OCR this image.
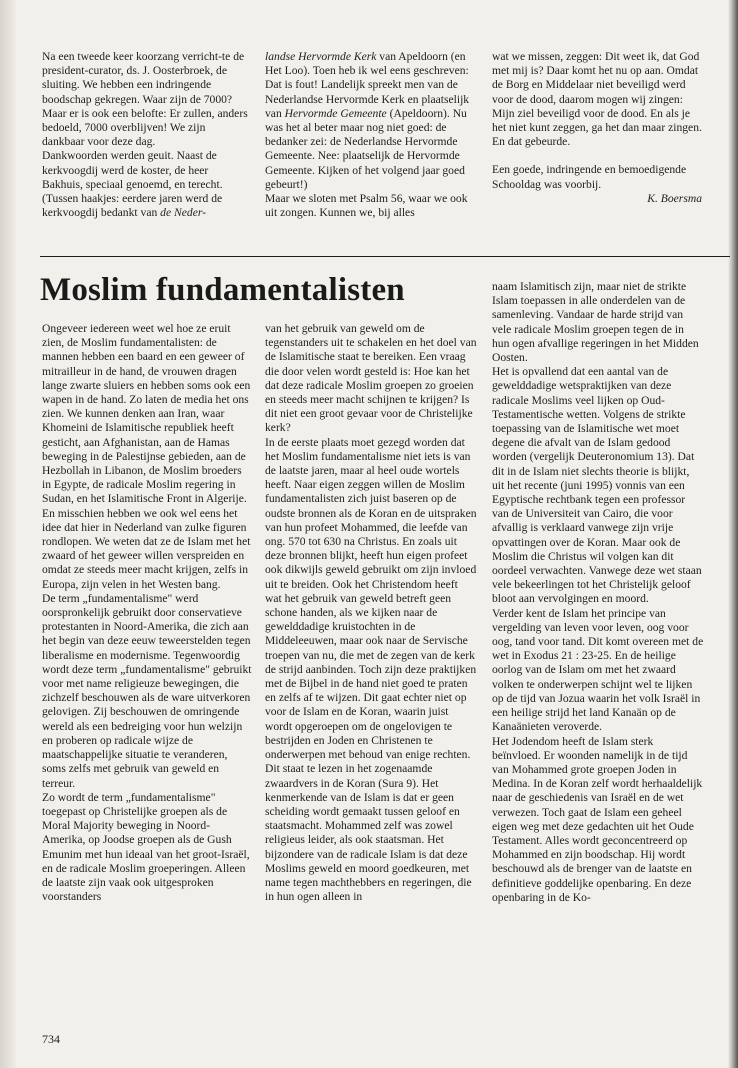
Na een tweede keer koorzang verricht-te de president-curator, ds. J. Oosterbroek, de sluiting. We hebben een indringende boodschap gekregen. Waar zijn de 7000? Maar er is ook een belofte: Er zullen, anders bedoeld, 7000 overblijven! We zijn dankbaar voor deze dag.

Dankwoorden werden geuit. Naast de kerkvoogdij werd de koster, de heer Bakhuis, speciaal genoemd, en terecht. (Tussen haakjes: eerdere jaren werd de kerkvoogdij bedankt van de Neder-

landse Hervormde Kerk van Apeldoorn (en Het Loo). Toen heb ik wel eens geschreven: Dat is fout! Landelijk spreekt men van de Nederlandse Hervormde Kerk en plaatselijk van Hervormde Gemeente (Apeldoorn). Nu was het al beter maar nog niet goed: de bedanker zei: de Nederlandse Hervormde Gemeente. Nee: plaatselijk de Hervormde Gemeente. Kijken of het volgend jaar goed gebeurt!)

Maar we sloten met Psalm 56, waar we ook uit zongen. Kunnen we, bij alles

wat we missen, zeggen: Dit weet ik, dat God met mij is? Daar komt het nu op aan. Omdat de Borg en Middelaar niet beveiligd werd voor de dood, daarom mogen wij zingen: Mijn ziel beveiligd voor de dood. En als je het niet kunt zeggen, ga het dan maar zingen. En dat gebeurde.

Een goede, indringende en bemoedigende Schooldag was voorbij.

K. Boersma

Moslim fundamentalisten

Ongeveer iedereen weet wel hoe ze eruit zien, de Moslim fundamentalisten: de mannen hebben een baard en een geweer of mitrailleur in de hand, de vrouwen dragen lange zwarte sluiers en hebben soms ook een wapen in de hand. Zo laten de media het ons zien. We kunnen denken aan Iran, waar Khomeini de Islamitische republiek heeft gesticht, aan Afghanistan, aan de Hamas beweging in de Palestijnse gebieden, aan de Hezbollah in Libanon, de Moslim broeders in Egypte, de radicale Moslim regering in Sudan, en het Islamitische Front in Algerije. En misschien hebben we ook wel eens het idee dat hier in Nederland van zulke figuren rondlopen. We weten dat ze de Islam met het zwaard of het geweer willen verspreiden en omdat ze steeds meer macht krijgen, zelfs in Europa, zijn velen in het Westen bang.

De term „fundamentalisme" werd oorspronkelijk gebruikt door conservatieve protestanten in Noord-Amerika, die zich aan het begin van deze eeuw teweerstelden tegen liberalisme en modernisme. Tegenwoordig wordt deze term „fundamentalisme" gebruikt voor met name religieuze bewegingen, die zichzelf beschouwen als de ware uitverkoren gelovigen. Zij beschouwen de omringende wereld als een bedreiging voor hun welzijn en proberen op radicale wijze de maatschappelijke situatie te veranderen, soms zelfs met gebruik van geweld en terreur.

Zo wordt de term „fundamentalisme" toegepast op Christelijke groepen als de Moral Majority beweging in Noord-Amerika, op Joodse groepen als de Gush Emunim met hun ideaal van het groot-Israël, en de radicale Moslim groeperingen. Alleen de laatste zijn vaak ook uitgesproken voorstanders

van het gebruik van geweld om de tegenstanders uit te schakelen en het doel van de Islamitische staat te bereiken. Een vraag die door velen wordt gesteld is: Hoe kan het dat deze radicale Moslim groepen zo groeien en steeds meer macht schijnen te krijgen? Is dit niet een groot gevaar voor de Christelijke kerk?

In de eerste plaats moet gezegd worden dat het Moslim fundamentalisme niet iets is van de laatste jaren, maar al heel oude wortels heeft. Naar eigen zeggen willen de Moslim fundamentalisten zich juist baseren op de oudste bronnen als de Koran en de uitspraken van hun profeet Mohammed, die leefde van ong. 570 tot 630 na Christus. En zoals uit deze bronnen blijkt, heeft hun eigen profeet ook dikwijls geweld gebruikt om zijn invloed uit te breiden. Ook het Christendom heeft wat het gebruik van geweld betreft geen schone handen, als we kijken naar de gewelddadige kruistochten in de Middeleeuwen, maar ook naar de Servische troepen van nu, die met de zegen van de kerk de strijd aanbinden. Toch zijn deze praktijken met de Bijbel in de hand niet goed te praten en zelfs af te wijzen. Dit gaat echter niet op voor de Islam en de Koran, waarin juist wordt opgeroepen om de ongelovigen te bestrijden en Joden en Christenen te onderwerpen met behoud van enige rechten. Dit staat te lezen in het zogenaamde zwaardvers in de Koran (Sura 9). Het kenmerkende van de Islam is dat er geen scheiding wordt gemaakt tussen geloof en staatsmacht. Mohammed zelf was zowel religieus leider, als ook staatsman. Het bijzondere van de radicale Islam is dat deze Moslims geweld en moord goedkeuren, met name tegen machthebbers en regeringen, die in hun ogen alleen in

naam Islamitisch zijn, maar niet de strikte Islam toepassen in alle onderdelen van de samenleving. Vandaar de harde strijd van vele radicale Moslim groepen tegen de in hun ogen afvallige regeringen in het Midden Oosten.

Het is opvallend dat een aantal van de gewelddadige wetspraktijken van deze radicale Moslims veel lijken op Oud-Testamentische wetten. Volgens de strikte toepassing van de Islamitische wet moet degene die afvalt van de Islam gedood worden (vergelijk Deuteronomium 13). Dat dit in de Islam niet slechts theorie is blijkt, uit het recente (juni 1995) vonnis van een Egyptische rechtbank tegen een professor van de Universiteit van Cairo, die voor afvallig is verklaard vanwege zijn vrije opvattingen over de Koran. Maar ook de Moslim die Christus wil volgen kan dit oordeel verwachten. Vanwege deze wet staan vele bekeerlingen tot het Christelijk geloof bloot aan vervolgingen en moord.

Verder kent de Islam het principe van vergelding van leven voor leven, oog voor oog, tand voor tand. Dit komt overeen met de wet in Exodus 21 : 23-25. En de heilige oorlog van de Islam om met het zwaard volken te onderwerpen schijnt wel te lijken op de tijd van Jozua waarin het volk Israël in een heilige strijd het land Kanaän op de Kanaänieten veroverde.

Het Jodendom heeft de Islam sterk beïnvloed. Er woonden namelijk in de tijd van Mohammed grote groepen Joden in Medina. In de Koran zelf wordt herhaaldelijk naar de geschiedenis van Israël en de wet verwezen. Toch gaat de Islam een geheel eigen weg met deze gedachten uit het Oude Testament. Alles wordt geconcentreerd op Mohammed en zijn boodschap. Hij wordt beschouwd als de brenger van de laatste en definitieve goddelijke openbaring. En deze openbaring in de Ko-

734
